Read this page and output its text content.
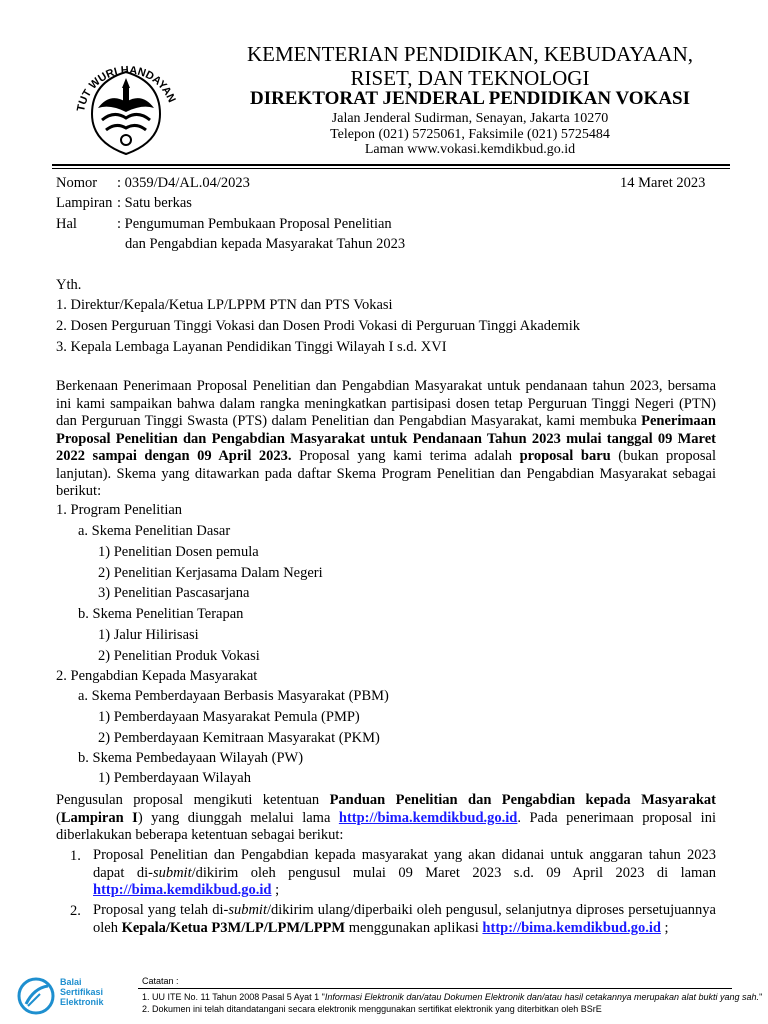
TUT WURI HANDAYAN
KEMENTERIAN PENDIDIKAN, KEBUDAYAAN,
RISET, DAN TEKNOLOGI
DIREKTORAT JENDERAL PENDIDIKAN VOKASI
Jalan Jenderal Sudirman, Senayan, Jakarta 10270
Telepon (021) 5725061, Faksimile (021) 5725484
Laman www.vokasi.kemdikbud.go.id
Nomor : 0359/D4/AL.04/2023	14 Maret 2023
Lampiran : Satu berkas
Hal	: Pengumuman Pembukaan Proposal Penelitian
dan Pengabdian kepada Masyarakat Tahun 2023
Yth.
1. Direktur/Kepala/Ketua LP/LPPM PTN dan PTS Vokasi
2. Dosen Perguruan Tinggi Vokasi dan Dosen Prodi Vokasi di Perguruan Tinggi Akademik
3. Kepala Lembaga Layanan Pendidikan Tinggi Wilayah I s.d. XVI
Berkenaan Penerimaan Proposal Penelitian dan Pengabdian Masyarakat untuk pendanaan tahun 2023, bersama ini kami sampaikan bahwa dalam rangka meningkatkan partisipasi dosen tetap Perguruan Tinggi Negeri (PTN) dan Perguruan Tinggi Swasta (PTS) dalam Penelitian dan Pengabdian Masyarakat, kami membuka Penerimaan Proposal Penelitian dan Pengabdian Masyarakat untuk Pendanaan Tahun 2023 mulai tanggal 09 Maret 2022 sampai dengan 09 April 2023. Proposal yang kami terima adalah proposal baru (bukan proposal lanjutan). Skema yang ditawarkan pada daftar Skema Program Penelitian dan Pengabdian Masyarakat sebagai berikut:
1. Program Penelitian
a. Skema Penelitian Dasar
1) Penelitian Dosen pemula
2) Penelitian Kerjasama Dalam Negeri
3) Penelitian Pascasarjana
b. Skema Penelitian Terapan
1) Jalur Hilirisasi
2) Penelitian Produk Vokasi
2. Pengabdian Kepada Masyarakat
a. Skema Pemberdayaan Berbasis Masyarakat (PBM)
1) Pemberdayaan Masyarakat Pemula (PMP)
2) Pemberdayaan Kemitraan Masyarakat (PKM)
b. Skema Pembedayaan Wilayah (PW)
1) Pemberdayaan Wilayah
Pengusulan proposal mengikuti ketentuan Panduan Penelitian dan Pengabdian kepada Masyarakat (Lampiran I) yang diunggah melalui lama http://bima.kemdikbud.go.id. Pada penerimaan proposal ini diberlakukan beberapa ketentuan sebagai berikut:
1. Proposal Penelitian dan Pengabdian kepada masyarakat yang akan didanai untuk anggaran tahun 2023 dapat di-submit/dikirim oleh pengusul mulai 09 Maret 2023 s.d. 09 April 2023 di laman http://bima.kemdikbud.go.id ;
2. Proposal yang telah di-submit/dikirim ulang/diperbaiki oleh pengusul, selanjutnya diproses persetujuannya oleh Kepala/Ketua P3M/LP/LPM/LPPM menggunakan aplikasi http://bima.kemdikbud.go.id ;
Balai
Sertifikasi
Elektronik
Catatan :
1. UU ITE No. 11 Tahun 2008 Pasal 5 Ayat 1 "Informasi Elektronik dan/atau Dokumen Elektronik dan/atau hasil cetakannya merupakan alat bukti yang sah."
2. Dokumen ini telah ditandatangani secara elektronik menggunakan sertifikat elektronik yang diterbitkan oleh BSrE
